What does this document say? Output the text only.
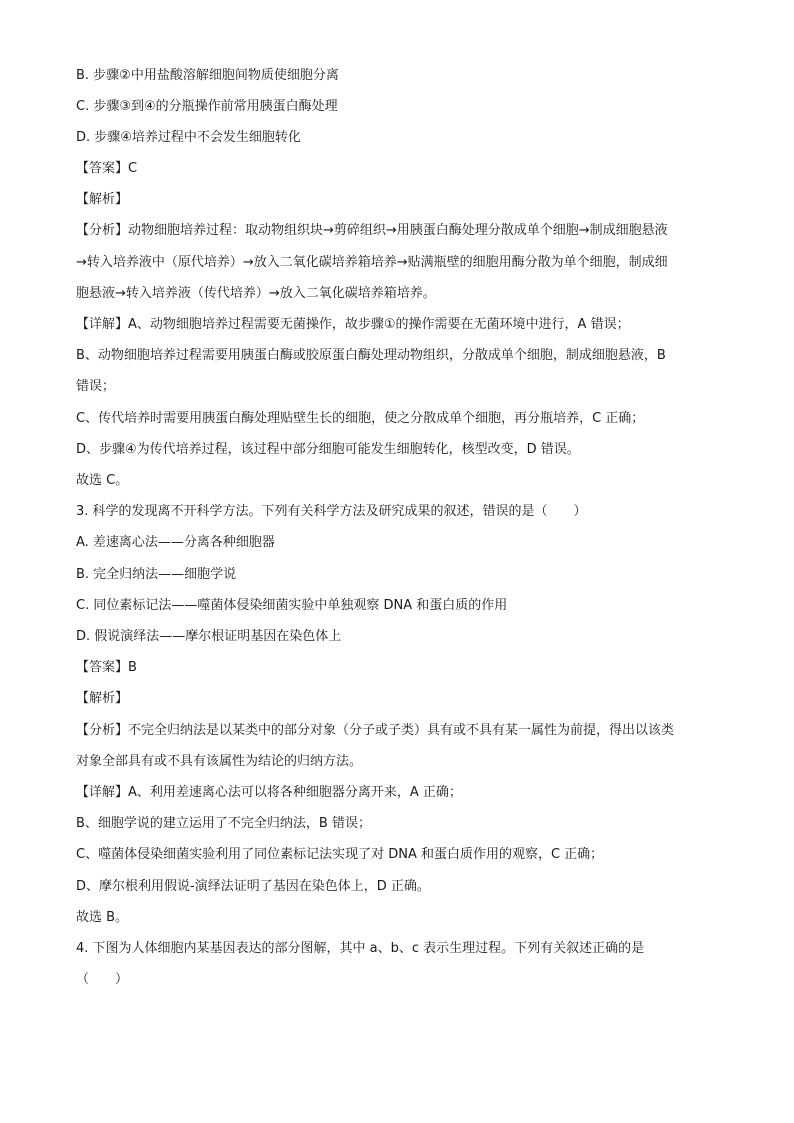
B. 步骤②中用盐酸溶解细胞间物质使细胞分离
C. 步骤③到④的分瓶操作前常用胰蛋白酶处理
D. 步骤④培养过程中不会发生细胞转化
【答案】C
【解析】
【分析】动物细胞培养过程：取动物组织块→剪碎组织→用胰蛋白酶处理分散成单个细胞→制成细胞悬液
→转入培养液中（原代培养）→放入二氧化碳培养箱培养→贴满瓶壁的细胞用酶分散为单个细胞，制成细
胞悬液→转入培养液（传代培养）→放入二氧化碳培养箱培养。
【详解】A、动物细胞培养过程需要无菌操作，故步骤①的操作需要在无菌环境中进行，A 错误；
B、动物细胞培养过程需要用胰蛋白酶或胶原蛋白酶处理动物组织，分散成单个细胞，制成细胞悬液，B
错误；
C、传代培养时需要用胰蛋白酶处理贴壁生长的细胞，使之分散成单个细胞，再分瓶培养，C 正确；
D、步骤④为传代培养过程，该过程中部分细胞可能发生细胞转化，核型改变，D 错误。
故选 C。
3. 科学的发现离不开科学方法。下列有关科学方法及研究成果的叙述，错误的是（　　）
A. 差速离心法——分离各种细胞器
B. 完全归纳法——细胞学说
C. 同位素标记法——噬菌体侵染细菌实验中单独观察 DNA 和蛋白质的作用
D. 假说演绎法——摩尔根证明基因在染色体上
【答案】B
【解析】
【分析】不完全归纳法是以某类中的部分对象（分子或子类）具有或不具有某一属性为前提，得出以该类
对象全部具有或不具有该属性为结论的归纳方法。
【详解】A、利用差速离心法可以将各种细胞器分离开来，A 正确；
B、细胞学说的建立运用了不完全归纳法，B 错误；
C、噬菌体侵染细菌实验利用了同位素标记法实现了对 DNA 和蛋白质作用的观察，C 正确；
D、摩尔根利用假说-演绎法证明了基因在染色体上，D 正确。
故选 B。
4. 下图为人体细胞内某基因表达的部分图解，其中 a、b、c 表示生理过程。下列有关叙述正确的是
（　　）
